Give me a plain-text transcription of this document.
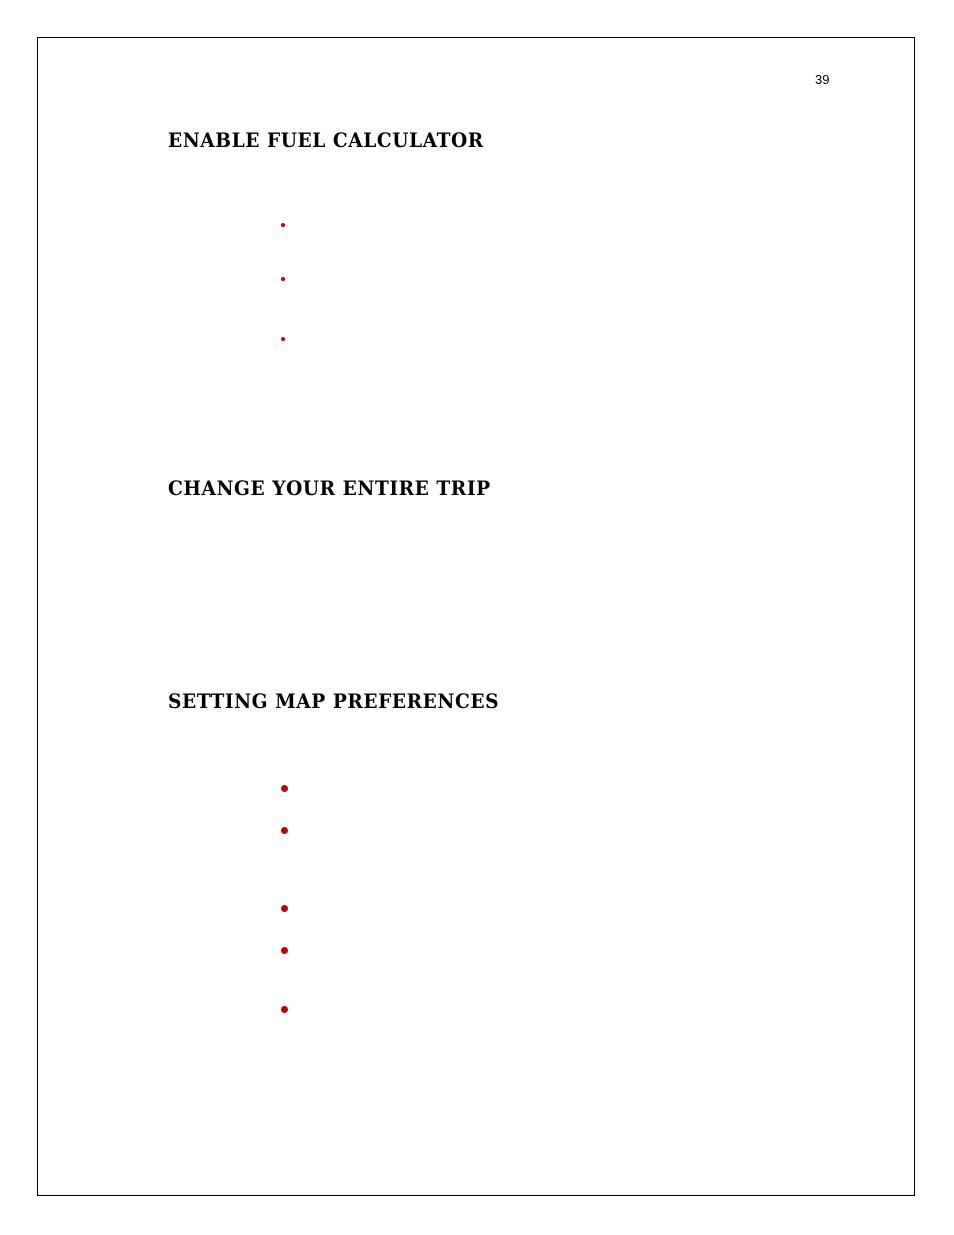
39
ENABLE FUEL CALCULATOR
CHANGE YOUR ENTIRE TRIP
SETTING MAP PREFERENCES
